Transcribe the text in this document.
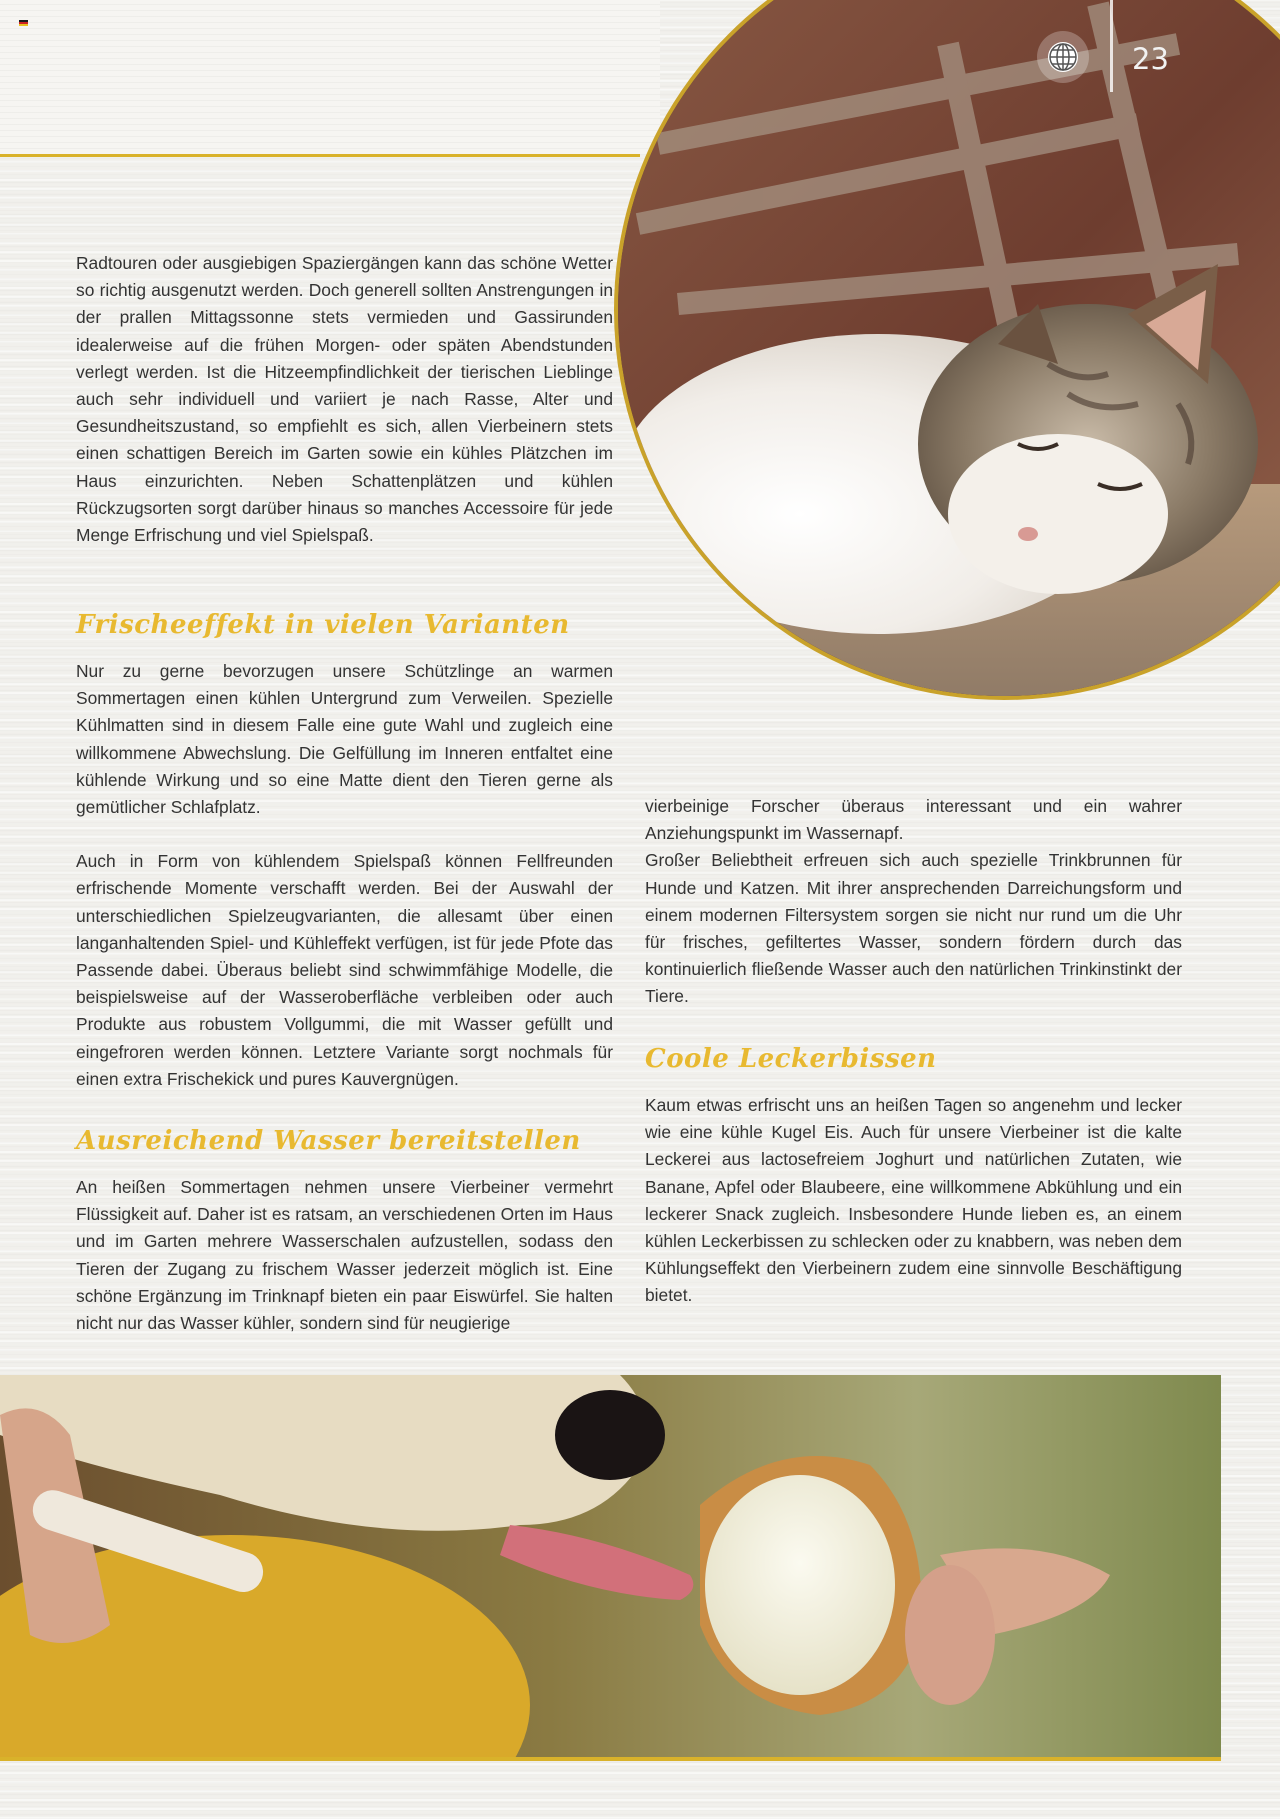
23

Radtouren oder ausgiebigen Spaziergängen kann das schöne Wetter so richtig ausgenutzt werden. Doch generell sollten Anstrengungen in der prallen Mittagssonne stets vermieden und Gassirunden idealerweise auf die frühen Morgen- oder späten Abendstunden verlegt werden. Ist die Hitzeempfindlichkeit der tierischen Lieblinge auch sehr individuell und variiert je nach Rasse, Alter und Gesundheitszustand, so empfiehlt es sich, allen Vierbeinern stets einen schattigen Bereich im Garten sowie ein kühles Plätzchen im Haus einzurichten. Neben Schattenplätzen und kühlen Rückzugsorten sorgt darüber hinaus so manches Accessoire für jede Menge Erfrischung und viel Spielspaß.

Frischeeffekt in vielen Varianten

Nur zu gerne bevorzugen unsere Schützlinge an warmen Sommertagen einen kühlen Untergrund zum Verweilen. Spezielle Kühlmatten sind in diesem Falle eine gute Wahl und zugleich eine willkommene Abwechslung. Die Gelfüllung im Inneren entfaltet eine kühlende Wirkung und so eine Matte dient den Tieren gerne als gemütlicher Schlafplatz.

Auch in Form von kühlendem Spielspaß können Fellfreunden erfrischende Momente verschafft werden. Bei der Auswahl der unterschiedlichen Spielzeugvarianten, die allesamt über einen langanhaltenden Spiel- und Kühleffekt verfügen, ist für jede Pfote das Passende dabei. Überaus beliebt sind schwimmfähige Modelle, die beispielsweise auf der Wasseroberfläche verbleiben oder auch Produkte aus robustem Vollgummi, die mit Wasser gefüllt und eingefroren werden können. Letztere Variante sorgt nochmals für einen extra Frischekick und pures Kauvergnügen.

Ausreichend Wasser bereitstellen

An heißen Sommertagen nehmen unsere Vierbeiner vermehrt Flüssigkeit auf. Daher ist es ratsam, an verschiedenen Orten im Haus und im Garten mehrere Wasserschalen aufzustellen, sodass den Tieren der Zugang zu frischem Wasser jederzeit möglich ist. Eine schöne Ergänzung im Trinknapf bieten ein paar Eiswürfel. Sie halten nicht nur das Wasser kühler, sondern sind für neugierige

vierbeinige Forscher überaus interessant und ein wahrer Anziehungspunkt im Wassernapf.

Großer Beliebtheit erfreuen sich auch spezielle Trinkbrunnen für Hunde und Katzen. Mit ihrer ansprechenden Darreichungsform und einem modernen Filtersystem sorgen sie nicht nur rund um die Uhr für frisches, gefiltertes Wasser, sondern fördern durch das kontinuierlich fließende Wasser auch den natürlichen Trinkinstinkt der Tiere.

Coole Leckerbissen

Kaum etwas erfrischt uns an heißen Tagen so angenehm und lecker wie eine kühle Kugel Eis. Auch für unsere Vierbeiner ist die kalte Leckerei aus lactosefreiem Joghurt und natürlichen Zutaten, wie Banane, Apfel oder Blaubeere, eine willkommene Abkühlung und ein leckerer Snack zugleich. Insbesondere Hunde lieben es, an einem kühlen Leckerbissen zu schlecken oder zu knabbern, was neben dem Kühlungseffekt den Vierbeinern zudem eine sinnvolle Beschäftigung bietet.
